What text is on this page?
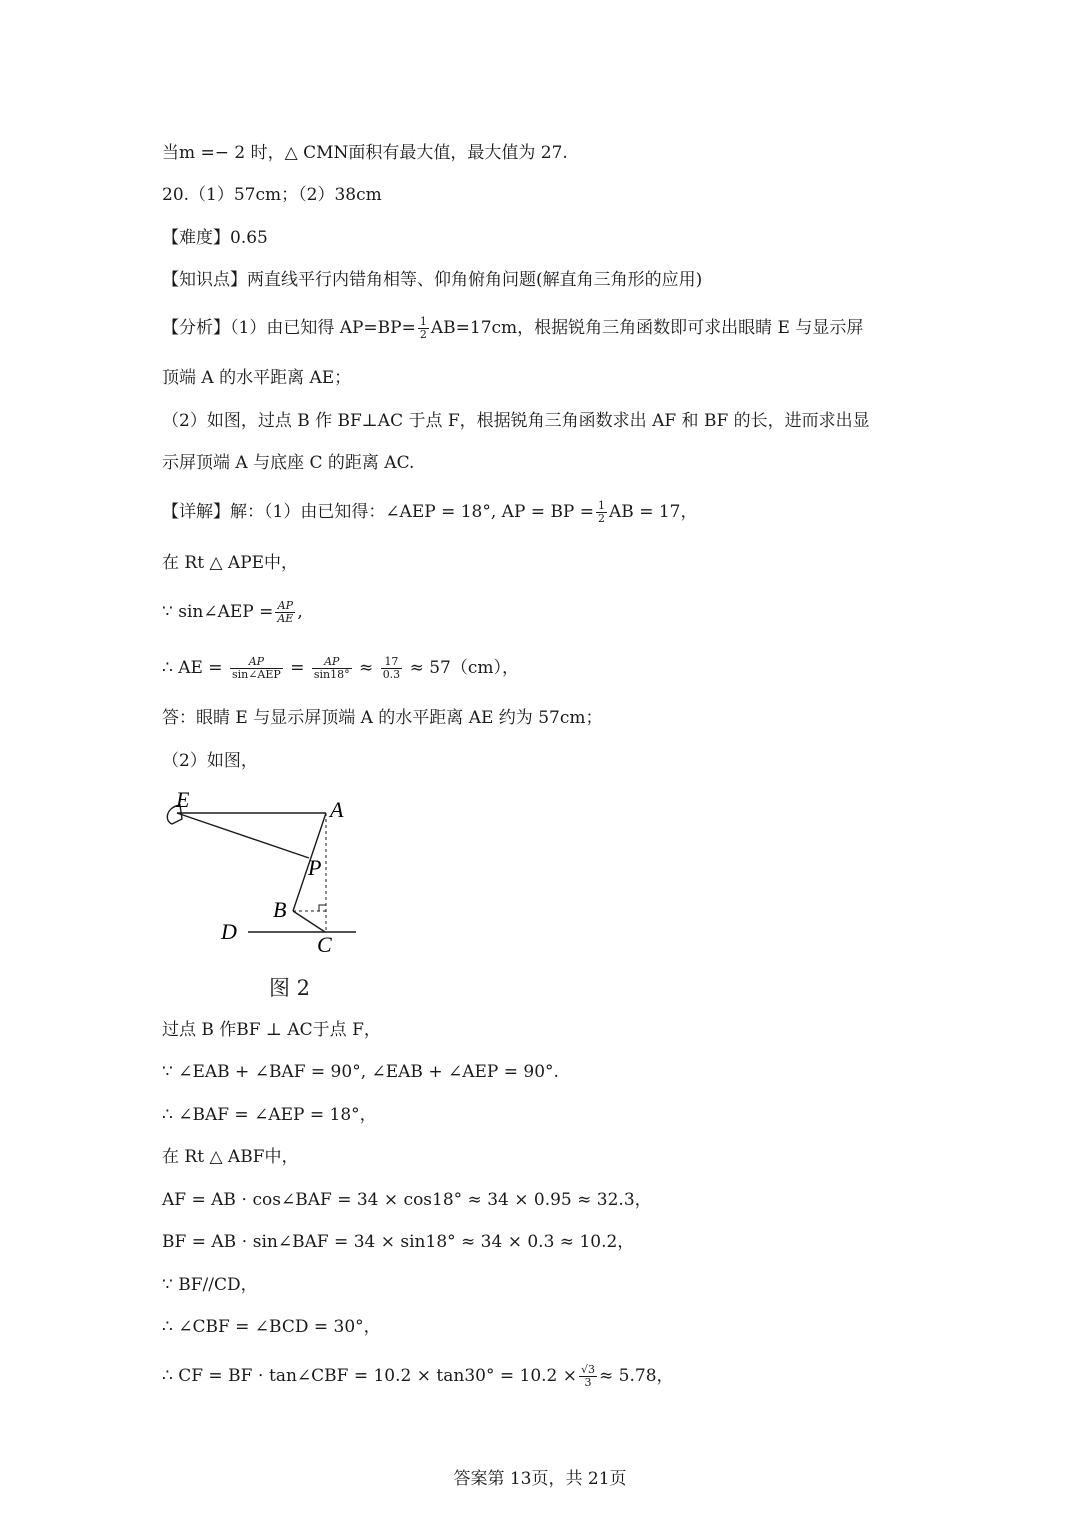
当m =− 2 时，△ CMN面积有最大值，最大值为 27.
20.（1）57cm；（2）38cm
【难度】0.65
【知识点】两直线平行内错角相等、仰角俯角问题(解直角三角形的应用)
【分析】（1）由已知得 $AP=BP= \frac{1}{2} AB=17cm$，根据锐角三角函数即可求出眼睛 E 与显示屏
顶端 A 的水平距离 AE；
（2）如图，过点 B 作 BF⊥AC 于点 F，根据锐角三角函数求出 AF 和 BF 的长，进而求出显
示屏顶端 A 与底座 C 的距离 AC.
【详解】解：（1）由已知得：∠AEP = 18°, AP = BP = $\frac{1}{2}$ AB = 17，
在 Rt △ APE中，
∵ sin∠AEP = $\frac{AP}{AE}$ ,
∴ AE = $\frac{AP}{\text{sin∠AEP}} = \frac{AP}{\sin 18^\circ} \approx \frac{17}{0.3} \approx 57(cm)$，
答：眼睛 E 与显示屏顶端 A 的水平距离 AE 约为 57cm；
（2）如图，
E	A
P
B
D
C
图 2
过点 B 作BF ⊥ AC于点 F，
∵ ∠EAB + ∠BAF = 90°, ∠EAB + ∠AEP = 90°.
∴ ∠BAF = ∠AEP = 18°，
在 Rt △ ABF中，
AF = AB ⋅ cos∠BAF = 34 × cos18° ≈ 34 × 0.95 ≈ 32.3，
BF = AB ⋅ sin∠BAF = 34 × sin18° ≈ 34 × 0.3 ≈ 10.2，
∵ BF//CD，
∴ ∠CBF = ∠BCD = 30°，
∴ CF = BF ⋅ tan∠CBF = $10.2 \times \tan 30^\circ = 10.2 \times \frac{√3}{3} \approx 5.78$，
答案第 13页，共 21页
